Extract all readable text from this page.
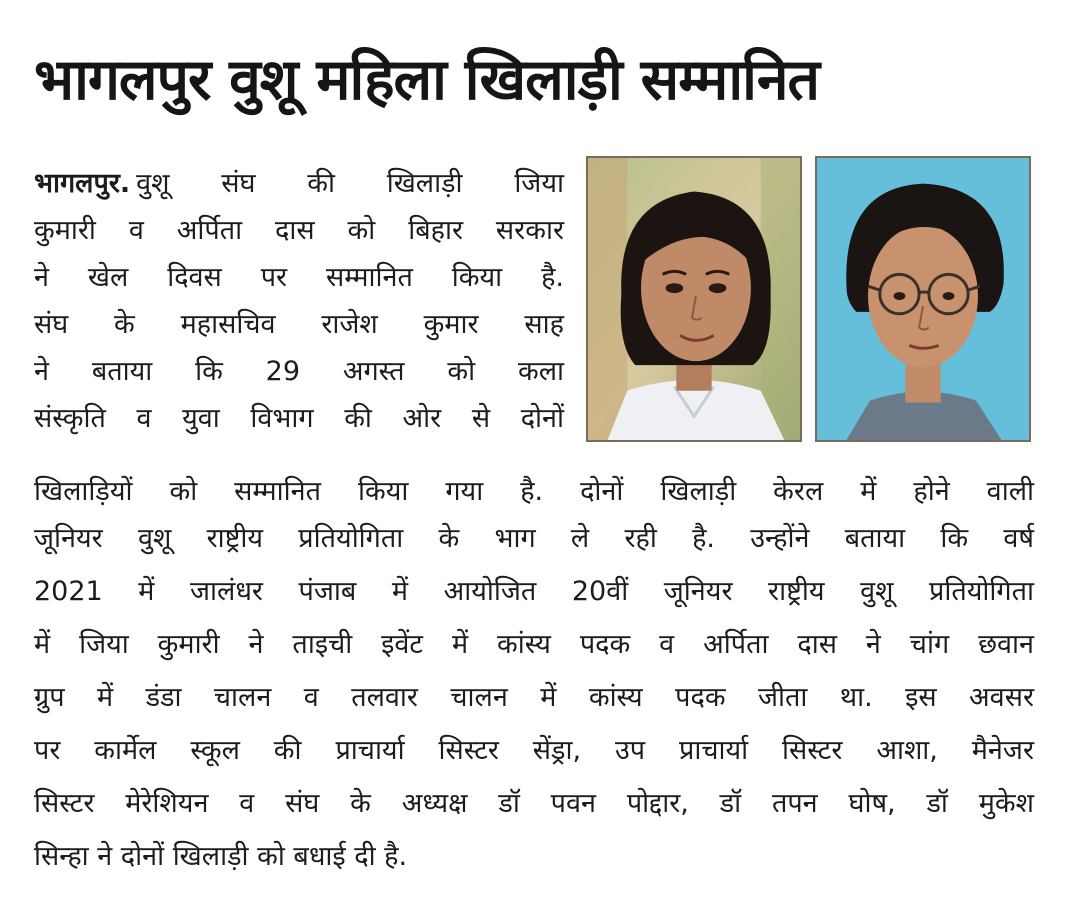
भागलपुर वुशू महिला खिलाड़ी सम्मानित
भागलपुर. वुशू संघ की खिलाड़ी जिया
कुमारी व अर्पिता दास को बिहार सरकार
ने खेल दिवस पर सम्मानित किया है.
संघ के महासचिव राजेश कुमार साह
ने बताया कि 29 अगस्त को कला
संस्कृति व युवा विभाग की ओर से दोनों
खिलाड़ियों को सम्मानित किया गया है. दोनों खिलाड़ी केरल में होने वाली
जूनियर वुशू राष्ट्रीय प्रतियोगिता के भाग ले रही है. उन्होंने बताया कि वर्ष
2021 में जालंधर पंजाब में आयोजित 20वीं जूनियर राष्ट्रीय वुशू प्रतियोगिता
में जिया कुमारी ने ताइची इवेंट में कांस्य पदक व अर्पिता दास ने चांग छवान
ग्रुप में डंडा चालन व तलवार चालन में कांस्य पदक जीता था. इस अवसर
पर कार्मेल स्कूल की प्राचार्या सिस्टर सेंड्रा, उप प्राचार्या सिस्टर आशा, मैनेजर
सिस्टर मेरेशियन व संघ के अध्यक्ष डॉ पवन पोद्दार, डॉ तपन घोष, डॉ मुकेश
सिन्हा ने दोनों खिलाड़ी को बधाई दी है.
